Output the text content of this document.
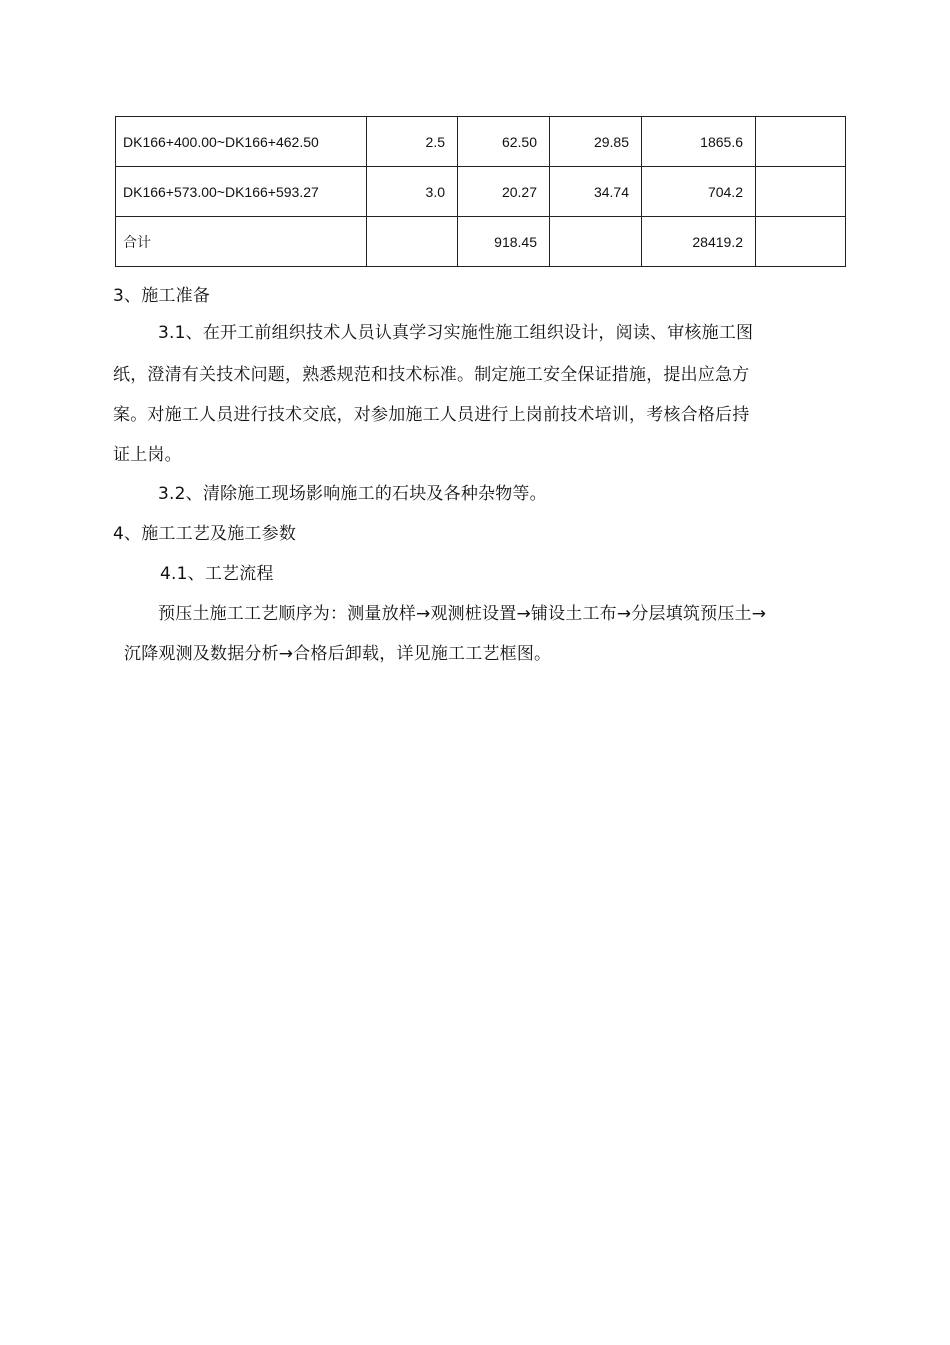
DK166+400.00~DK166+462.50	2.5	62.50	29.85	1865.6	
DK166+573.00~DK166+593.27	3.0	20.27	34.74	704.2	
合计		918.45		28419.2	
3、施工准备
3.1、在开工前组织技术人员认真学习实施性施工组织设计，阅读、审核施工图
纸，澄清有关技术问题，熟悉规范和技术标准。制定施工安全保证措施，提出应急方
案。对施工人员进行技术交底，对参加施工人员进行上岗前技术培训，考核合格后持
证上岗。
3.2、清除施工现场影响施工的石块及各种杂物等。
4、施工工艺及施工参数
4.1、工艺流程
预压土施工工艺顺序为：测量放样→观测桩设置→铺设土工布→分层填筑预压土→
沉降观测及数据分析→合格后卸载，详见施工工艺框图。
